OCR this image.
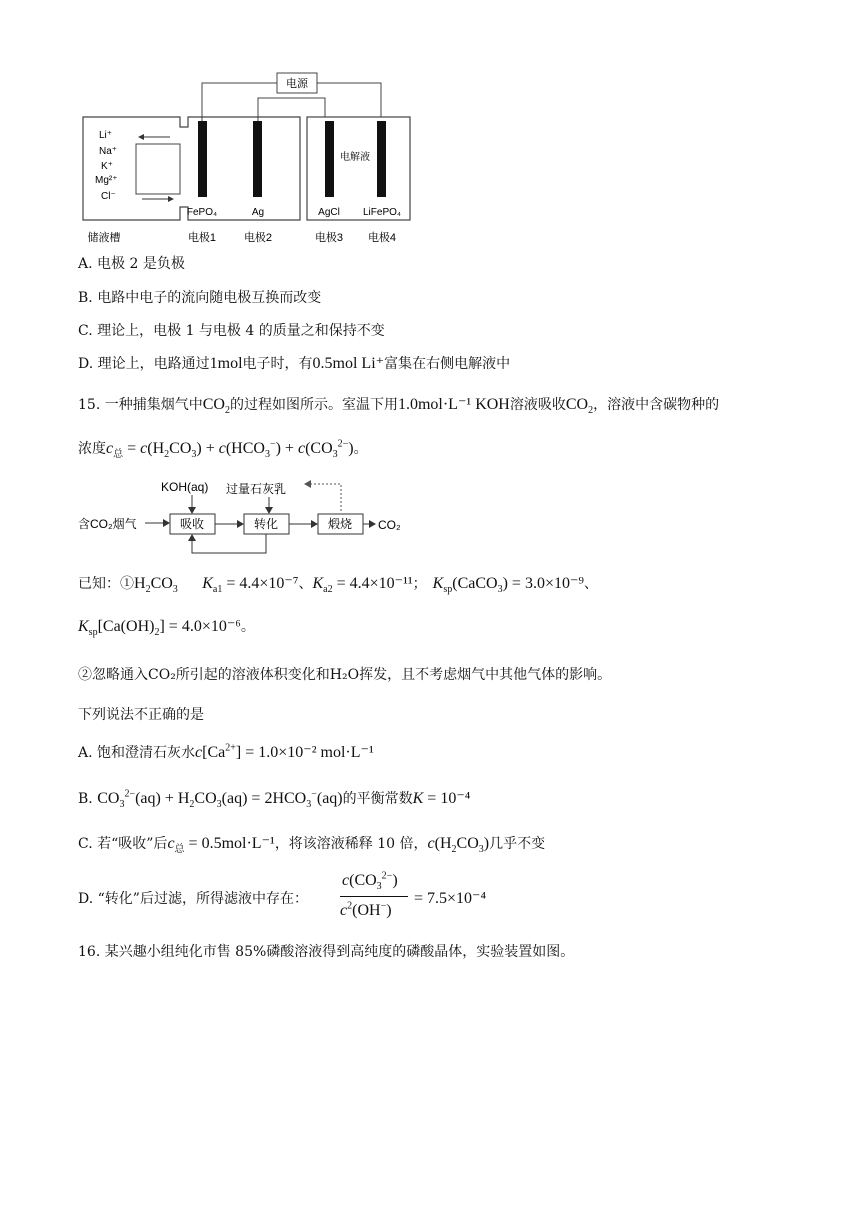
电源
Li⁺
Na⁺
K⁺
Mg²⁺
Cl⁻
FePO₄	Ag
电解液
AgCl LiFePO₄
储液槽	电极1	电极2	电极3 电极4
A. 电极 2 是负极
B. 电路中电子的流向随电极互换而改变
C. 理论上，电极 1 与电极 4 的质量之和保持不变
D. 理论上，电路通过1mol电子时，有0.5mol Li⁺富集在右侧电解液中
15. 一种捕集烟气中$CO_2$的过程如图所示。室温下用1.0mol·L⁻¹ KOH溶液吸收$CO_2$，溶液中含碳物种的
浓度$c_总 = c(H_2CO_3) + c(HCO_3^-) + c(CO_3^{2-})$。
KOH(aq) 过量石灰乳
含CO₂烟气	吸收	转化	煅烧 CO₂
已知：$①H_2CO_3$ $K_{a1} = 4.4\times 10^{-7}$、$K_{a2} = 4.4\times 10^{-11}$； $K_{sp}(CaCO_3) = 3.0\times 10^{-9}$、
$K_{sp}[Ca(OH)_2] = 4.0\times 10^{-6}$。
②忽略通入CO₂所引起的溶液体积变化和H₂O挥发，且不考虑烟气中其他气体的影响。
下列说法不正确的是
A. 饱和澄清石灰水$c[Ca^{2+}] = 1.0\times 10^{-2}$ mol·L⁻¹
B. $CO_3^{2-}(aq) + H_2CO_3(aq) = 2HCO_3^-(aq)$的平衡常数K = 10⁻⁴
C. 若“吸收”后$c_总 = 0.5mol\cdot L^{-1}$，将该溶液稀释 10 倍，$c(H_2CO_3)$几乎不变
D. “转化”后过滤，所得滤液中存在：
$c(CO_3^{2-})$
$c^2(OH^-)$
= 7.5×10⁻⁴
16. 某兴趣小组纯化市售 85%磷酸溶液得到高纯度的磷酸晶体，实验装置如图。
